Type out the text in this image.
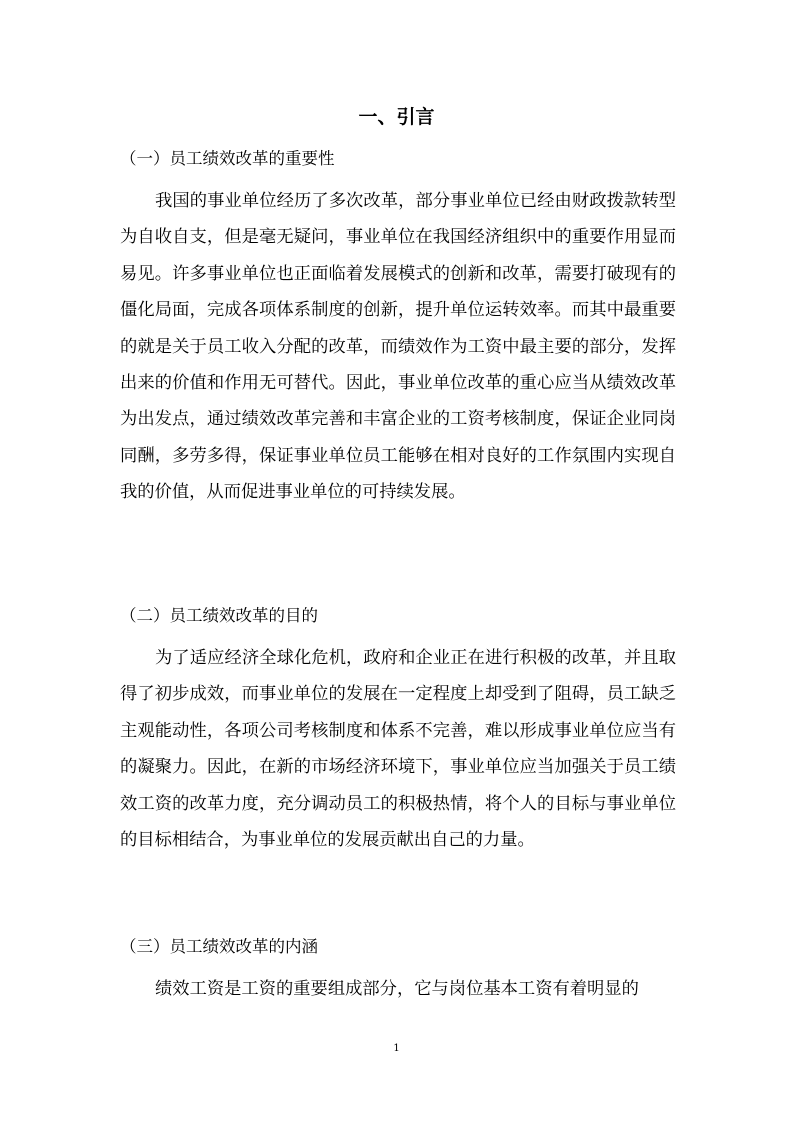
一、引言

（一）员工绩效改革的重要性

我国的事业单位经历了多次改革，部分事业单位已经由财政拨款转型为自收自支，但是毫无疑问，事业单位在我国经济组织中的重要作用显而易见。许多事业单位也正面临着发展模式的创新和改革，需要打破现有的僵化局面，完成各项体系制度的创新，提升单位运转效率。而其中最重要的就是关于员工收入分配的改革，而绩效作为工资中最主要的部分，发挥出来的价值和作用无可替代。因此，事业单位改革的重心应当从绩效改革为出发点，通过绩效改革完善和丰富企业的工资考核制度，保证企业同岗同酬，多劳多得，保证事业单位员工能够在相对良好的工作氛围内实现自我的价值，从而促进事业单位的可持续发展。

（二）员工绩效改革的目的

为了适应经济全球化危机，政府和企业正在进行积极的改革，并且取得了初步成效，而事业单位的发展在一定程度上却受到了阻碍，员工缺乏主观能动性，各项公司考核制度和体系不完善，难以形成事业单位应当有的凝聚力。因此，在新的市场经济环境下，事业单位应当加强关于员工绩效工资的改革力度，充分调动员工的积极热情，将个人的目标与事业单位的目标相结合，为事业单位的发展贡献出自己的力量。

（三）员工绩效改革的内涵

绩效工资是工资的重要组成部分，它与岗位基本工资有着明显的

1
